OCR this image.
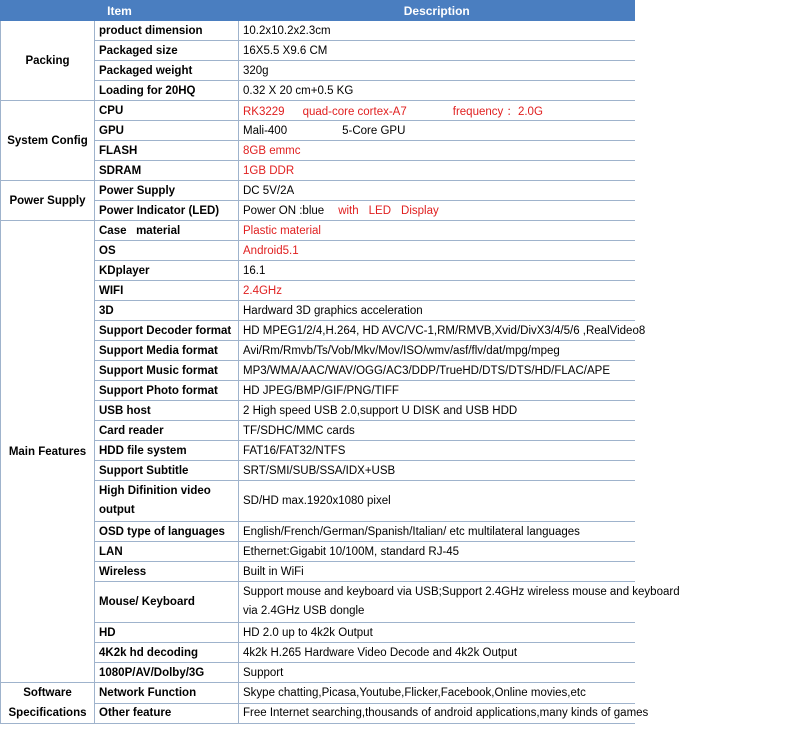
Item		Description
Packing	product dimension	10.2x10.2x2.3cm
	Packaged size	16X5.5 X9.6 CM
	Packaged weight	320g
	Loading for 20HQ	0.32 X 20 cm+0.5 KG
System Config	CPU	RK3229 quad-core cortex-A7 frequency ：2.0G
	GPU	Mali-400 5-Core GPU
	FLASH	8GB emmc
	SDRAM	1GB DDR
Power Supply	Power Supply	DC 5V/2A
	Power Indicator (LED)	Power ON :blue with LED Display
Main Features	Case   material	Plastic material
	OS	Android5.1
	KDplayer	16.1
	WIFI	2.4GHz
	3D	Hardward 3D graphics acceleration
	Support Decoder format	HD MPEG1/2/4,H.264, HD AVC/VC-1,RM/RMVB,Xvid/DivX3/4/5/6 ,RealVideo8
	Support Media format	Avi/Rm/Rmvb/Ts/Vob/Mkv/Mov/ISO/wmv/asf/flv/dat/mpg/mpeg
	Support Music format	MP3/WMA/AAC/WAV/OGG/AC3/DDP/TrueHD/DTS/DTS/HD/FLAC/APE
	Support Photo format	HD JPEG/BMP/GIF/PNG/TIFF
	USB host	2 High speed USB 2.0,support U DISK and USB HDD
	Card reader	TF/SDHC/MMC cards
	HDD file system	FAT16/FAT32/NTFS
	Support Subtitle	SRT/SMI/SUB/SSA/IDX+USB
	High Difinition video output	SD/HD max.1920x1080 pixel
	OSD type of languages	English/French/German/Spanish/Italian/ etc multilateral languages
	LAN	Ethernet:Gigabit 10/100M, standard RJ-45
	Wireless	Built in WiFi
	Mouse/ Keyboard	Support mouse and keyboard via USB;Support 2.4GHz wireless mouse and keyboard
via 2.4GHz USB dongle

	HD	HD 2.0 up to 4k2k Output
	4K2k hd decoding	4k2k H.265 Hardware Video Decode and 4k2k Output
	1080P/AV/Dolby/3G	Support
Software Specifications	Network Function	Skype chatting,Picasa,Youtube,Flicker,Facebook,Online movies,etc
	Other feature	Free Internet searching,thousands of android applications,many kinds of games
